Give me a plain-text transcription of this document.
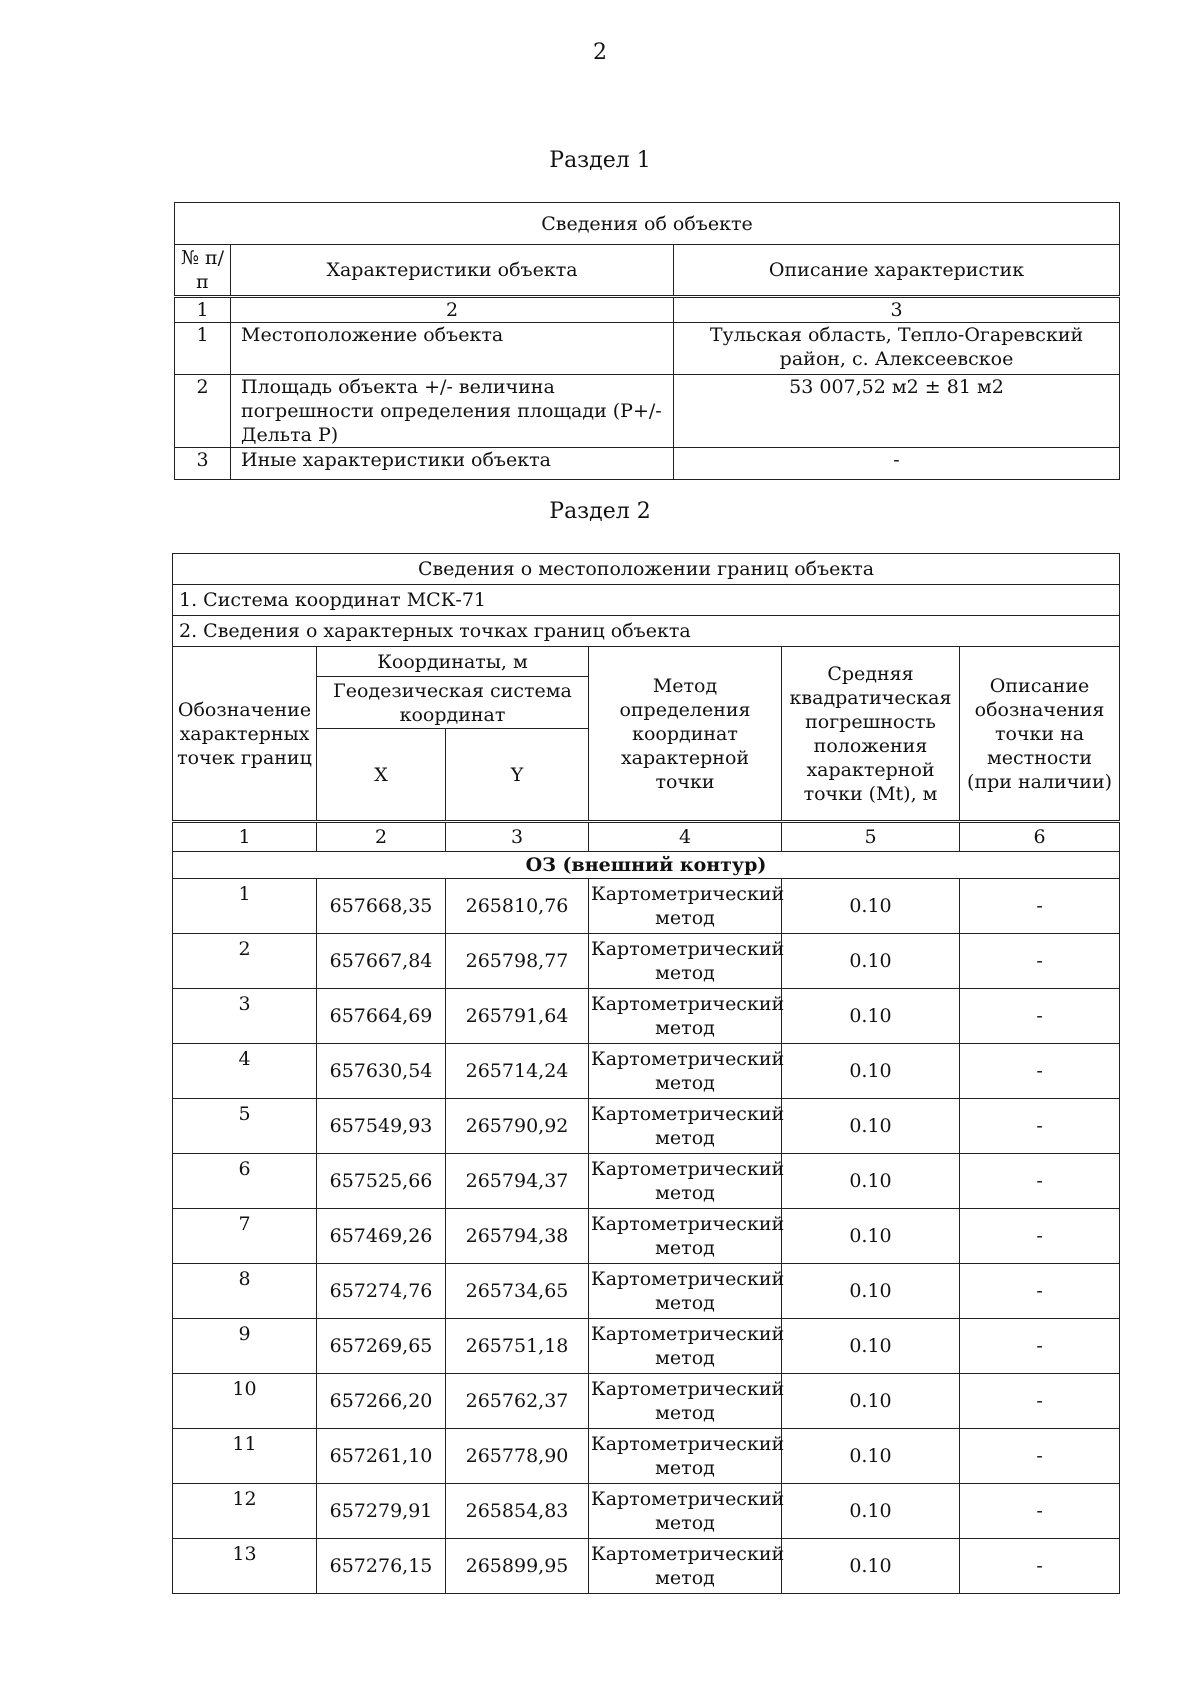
2
Раздел 1
Сведения об объекте		
№ п/п	Характеристики объекта	Описание характеристик
1	2	3
1	Местоположение объекта	Тульская область, Тепло-Огаревский район, с. Алексеевское
2	Площадь объекта +/- величина погрешности определения площади (P+/- Дельта P)	53 007,52 м2 ± 81 м2
3	Иные характеристики объекта	-
Раздел 2
Сведения о местоположении границ объекта					
1. Система координат МСК-71					
2. Сведения о характерных точках границ объекта					
Обозначение характерных точек границ	Координаты, м		Метод определения координат характерной точки	Средняя квадратическая погрешность положения характерной точки (Mt), м	Описание обозначения точки на местности (при наличии)
	Геодезическая система координат				
	X	Y			
1	2	3	4	5	6
ОЗ (внешний контур)					
1	657668,35	265810,76	Картометрический метод	0.10	-
2	657667,84	265798,77	Картометрический метод	0.10	-
3	657664,69	265791,64	Картометрический метод	0.10	-
4	657630,54	265714,24	Картометрический метод	0.10	-
5	657549,93	265790,92	Картометрический метод	0.10	-
6	657525,66	265794,37	Картометрический метод	0.10	-
7	657469,26	265794,38	Картометрический метод	0.10	-
8	657274,76	265734,65	Картометрический метод	0.10	-
9	657269,65	265751,18	Картометрический метод	0.10	-
10	657266,20	265762,37	Картометрический метод	0.10	-
11	657261,10	265778,90	Картометрический метод	0.10	-
12	657279,91	265854,83	Картометрический метод	0.10	-
13	657276,15	265899,95	Картометрический метод	0.10	-
